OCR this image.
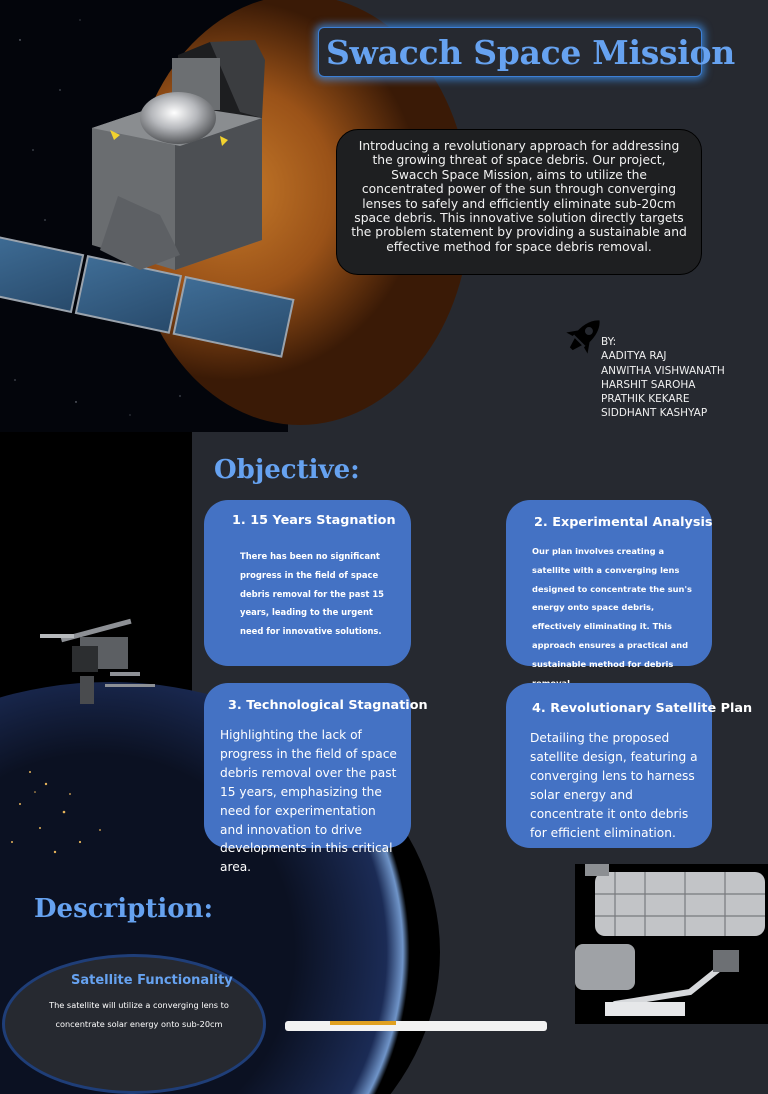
Swacch Space Mission
Introducing a revolutionary approach for addressing the growing threat of space debris. Our project, Swacch Space Mission, aims to utilize the concentrated power of the sun through converging lenses to safely and efficiently eliminate sub-20cm space debris. This innovative solution directly targets the problem statement by providing a sustainable and effective method for space debris removal.
BY:
AADITYA RAJ
ANWITHA VISHWANATH
HARSHIT SAROHA
PRATHIK KEKARE
SIDDHANT KASHYAP
Objective:
1. 15 Years Stagnation

There has been no significant progress in the field of space debris removal for the past 15 years, leading to the urgent need for innovative solutions.

2. Experimental Analysis

Our plan involves creating a satellite with a converging lens designed to concentrate the sun's energy onto space debris, effectively eliminating it. This approach ensures a practical and sustainable method for debris

3. Technological Stagnation

Highlighting the lack of progress in the field of space debris removal over the past 15 years, emphasizing the need for experimentation and innovation to drive developments in this critical area.

4. Revolutionary Satellite Plan

Detailing the proposed satellite design, featuring a converging lens to harness solar energy and concentrate it onto debris for efficient elimination.

Description:
Satellite Functionality
The satellite will utilize a converging lens to concentrate solar energy onto sub-20cm
